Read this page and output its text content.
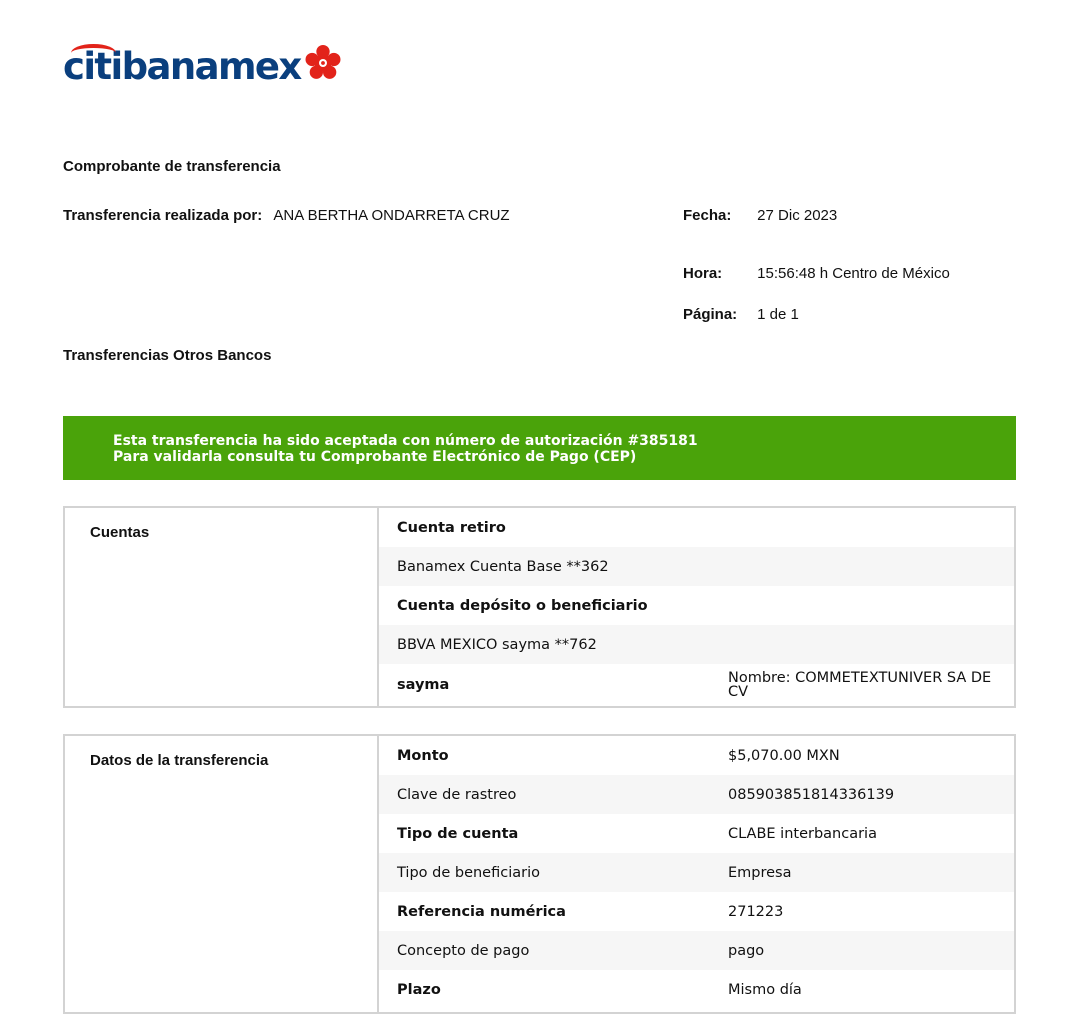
citi banamex
Comprobante de transferencia
Transferencia realizada por: ANA BERTHA ONDARRETA CRUZ	Fecha: 27 Dic 2023
Hora: 15:56:48 h Centro de México
Página: 1 de 1
Transferencias Otros Bancos
Esta transferencia ha sido aceptada con número de autorización #385181
Para validarla consulta tu Comprobante Electrónico de Pago (CEP)
Cuentas	Cuenta retiro
Banamex Cuenta Base **362
Cuenta depósito o beneficiario
BBVA MEXICO sayma **762
sayma	Nombre: COMMETEXTUNIVER SA DE CV
Datos de la transferencia	Monto	$5,070.00 MXN
Clave de rastreo	085903851814336139
Tipo de cuenta	CLABE interbancaria
Tipo de beneficiario	Empresa
Referencia numérica	271223
Concepto de pago	pago
Plazo	Mismo día
